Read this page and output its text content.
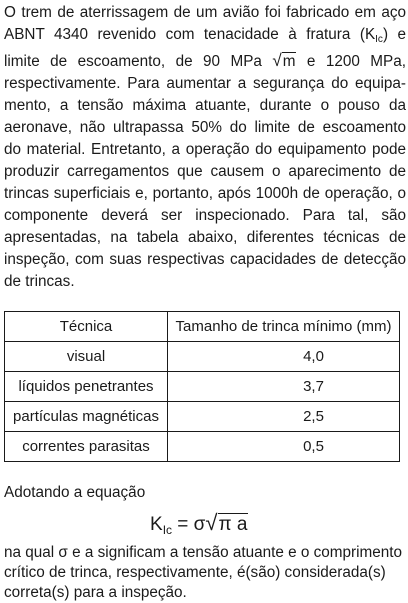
O trem de aterrissagem de um avião foi fabricado em aço
ABNT 4340 revenido com tenacidade à fratura $(K_{Ic})$ e
limite de escoamento, de 90 MPa √m e 1200 MPa,
respectivamente. Para aumentar a segurança do equipa-
mento, a tensão máxima atuante, durante o pouso da
aeronave, não ultrapassa 50% do limite de escoamento
do material. Entretanto, a operação do equipamento pode
produzir carregamentos que causem o aparecimento de
trincas superficiais e, portanto, após 1000h de operação, o
componente deverá ser inspecionado. Para tal, são
apresentadas, na tabela abaixo, diferentes técnicas de
inspeção, com suas respectivas capacidades de detecção
de trincas.
Técnica	Tamanho de trinca mínimo (mm)
visual	4,0
líquidos penetrantes	3,7
partículas magnéticas	2,5
correntes parasitas	0,5
Adotando a equação
$K_{Ic} = \sigma√\pi$ a
na qual σ e a significam a tensão atuante e o comprimento
crítico de trinca, respectivamente, é(são) considerada(s)
correta(s) para a inspeção.
